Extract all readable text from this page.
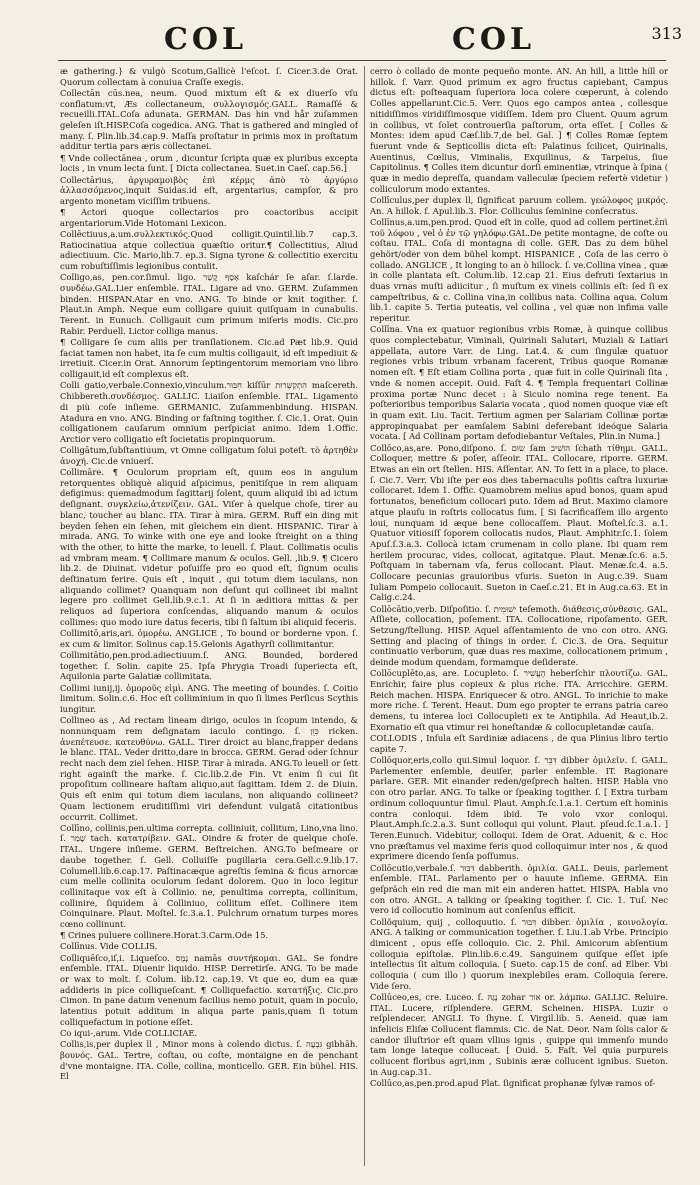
COL	COL	313

æ gathering.} & vulgò Scotum,Gallicè l'eſcot. ſ. Cicer.3.de Orat. Quorum collectam à conuiua Craſſe exegis.

Collectān cūs.nea, neum. Quod mixtum eſt & ex diuerſo vſu conflatum:vt, Æs collectaneum, συλλογισμός.GALL. Ramaſſé & recueilli.ITAL.Coſa adunata. GERMAN. Das hin vnd hår zuſammen geleſen iſt.HISP.Coſa cogedica. ANG. That is gathered and mingled of many. ſ. Plin.lib.34.cap.9. Maſſa proſtatur in primis mox in proſtatum additur tertia pars æris collectanei.

¶ Vnde collectānea , orum , dicuntur ſcripta quæ ex pluribus excepta locis , in vnum lecta ſunt. [ Dicta collectanea. Suet.in Caeſ. cap.56.]

Collectārius, ἀργυραμοιβὸς ἐπὶ κέρμς ἀπὸ τὸ ἀργύριο ἀλλασσόμενος,inquit Suidas.id eſt, argentarius, campſor, & pro argento monetam viciſſim tribuens.

¶ Actori quoque collectarios pro coactoribus accipit argentariorum.Vide Hotomani Lexicon.

Collēctiuus,a.um.συλλεκτικός.Quod colligit.Quintil.lib.7 cap.3. Ratiocinatiua atque collectiua quæſtio oritur.¶ Collectitius, Aliud adiectiuum. Cic. Mario,lib.7. ep.3. Signa tyrone & collectitio exercitu cum robuſtiſſimis legionibus contulit.

Colligo,as, pen.cor.ſimul. ligo. אָסַף קָשַׁר kaſchár ſe aſar. ſ.larde. συνδέω.GAL.Lier enſemble. ITAL. Ligare ad vno. GERM. Zuſammen binden. HISPAN.Atar en vno. ANG. To binde or knit togither. ſ. Plaut.in Amph. Neque eum colligare quiuit quiſquam in cunabulis. Terent. in Eunuch. Colligauit cum primum miſeris modis. Cic.pro Rabir. Perduell. Lictor colliga manus.

¶ Colligare ſe cum aliis per tranſlationem. Cic.ad Pæt lib.9. Quid faciat tamen non habet, ita ſe cum multis colligauit, id eſt impediuit & irretiuit. Cicer.in Orat. Annorum ſeptingentorum memoriam vno libro colligauit,id eſt complexus eſt.

Colli gatio,verbale.Connexio,vinculum.חִבּוּר kiſſūr הִתְקַשְּׁרוּת maſcereth. Chibbereth.συνδέσμος. GALLIC. Liaiſon enſemble. ITAL. Ligamento di più coſe inſieme. GERMANIC. Zuſammenbindung. HISPAN. Atadura en vno. ANG. Binding or faſtning togither. ſ. Cic.1. Orat. Quin colligationem cauſarum omnium perſpiciat animo. Idem 1.Offic. Arctior vero colligatio eſt ſocietatis propinquorum.

Colligātum,ſubſtantiuum, vt Omne colligatum ſolui poteſt. τὸ ἀρτηθὲν ἀνοχή. Cic.de vniuerſ.

Collimāre. ¶ Oculorum propriam eſt, quum eos in angulum retorquentes obliquè aliquid aſpicimus, penitiſque in rem aliquam defigimus: quemadmodum ſagittarij ſolent, quum aliquid ibi ad ictum deſignant. συγκλείω,ἀτενίζειν. GAL. Viſer à quelque choſe, tirer au blanc, toucher au blanc. ITA. Tirar à mira. GERM. Ruff ein ding mit beyden ſehen ein ſehen, mit gleichem ein dient. HISPANIC. Tirar à mirada. ANG. To winke with one eye and looke ſtreight on a thing with the other, to hitte the marke, to leuell. ſ. Plaut. Collimatis oculis ad vmbram meam. ¶ Collimare manum & oculos. Gell. ,lib.9. ¶ Cicero lib.2. de Diuinat. videtur poſuiſſe pro eo quod eſt, ſignum oculis deſtinatum ferire. Quis eſt , inquit , qui totum diem iaculans, non aliquando collimet? Quanquam non deſunt qui collineet ibi malint legere pro collimet Gell.lib.9.c.1. At ſi in æditiora mittas & per reliquos ad ſuperiora conſcendas, aliquando manum & oculos collimes: quo modo iure datus feceris, tibi ſi ſaltum ibi aliquid feceris.

Collimitō,aris,ari. ὁμορέω. ANGLICE , To bound or borderne vpon. ſ. ex cum & limitor. Solinus cap.15.Gelonis Agathyrſi collimitantur.

Collimitātio,pen.prod.adiectiuum.ſ. ANG. Bounded, bordered together. ſ. Solin. capite 25. Ipſa Phrygia Troadi ſuperiecta eſt, Aquilonia parte Galatiæ collimitata.

Collimi iunij,ij. ὁμοροῦς εἰμὶ. ANG. The meeting of boundes. ſ. Coitio limitum. Solin.c.6. Hoc eſt colliminium in quo ſi limes Perſicus Scythis iungitur.

Collineo as , Ad rectam lineam dirigo, oculos in ſcopum intendo, & nonnunquam rem deſignatam iaculo contingo. ſ. כִּוֵּן ricken. ἀνεπέτευσε. κατευθύνω. GALL. Tirer droict au blanc,frapper dedans le blanc. ITAL. Veder dritto,dare in brocca. GERM. Gerad oder ſchnur recht nach dem ziel ſehen. HISP. Tirar à mirada. ANG.To leuell or ſett right againſt the marke. ſ. Cic.lib.2.de Fin. Vt enim ſi cui ſit propoſitum collineare haſtam aliquo,aut ſagittam. Idem 2. de Diuin. Quis eſt enim qui totum diem iaculans, non aliquando collineet? Quam lectionem eruditiſſimi viri defendunt vulgatâ citationibus occurrit. Collimet.

Collīno, collinis,pen.ultima correpta. colliniuit, collitum, Lino,vna lino. ſ. שָׁמַר tach. κατατρίβειν. GAL. Oindre & froter de quelque choſe. ITAL. Ungere inſieme. GERM. Beſtreichen. ANG.To beſmeare or daube together. ſ. Gell. Colluiſſe pugillaria cera.Gell.c.9.lib.17. Columell.lib.6.cap.17. Paſtinacæque agreſtis ſemina & ficus arnorcæ cum melle collinita oculorum ſedant dolorem. Quo in loco legitur collinitaque vox eſt à Collinio. ne, penultima correpta, collinitum, collinire, ſiquidem à Colliniuo, collitum eſſet. Collinere item Coinquinare. Plaut. Moſtel. ſc.3.a.1. Pulchrum ornatum turpes mores cœno collinunt.

¶ Crines puluere collinere.Horat.3.Carm.Ode 15.

Collīnus. Vide COLLIS.

Colliquēſco,iſ,i. Liqueſco. נָמַס namās συντήκομαι. GAL. Se fondre enſemble. ITAL. Diuenir liquido. HISP. Derretirſe. ANG. To be made or wax to molt. ſ. Colum. lib.12. cap.19. Vt que eo, dum ea quæ addideris in pice colliqueſcant. ¶ Colliquefactio. κατατήξις. Cic.pro Cimon. In pane datum venenum facilius nemo potuit, quam in poculo, latentius potuit additum in aliqua parte panis,quam ſi totum colliquefactum in potione eſſet.

Co iqui-,arum. Vide COLLICIAE.

Collis,is,per duplex ll , Minor mons à colendo dictus. ſ. גִּבְעָה gibhāh. βουνός. GAL. Tertre, coſtau, ou coſte, montaigne en de penchant d'vne montaigne. ITA. Colle, collina, monticello. GER. Ein bühel. HIS. El

cerro ò collado de monte pequeño monte. AN. An hill, a little hill or hillok. ſ. Varr. Quod primum ex agro fructus capiebant, Campus dictus eſt: poſteaquam ſuperiora loca colere cœperunt, à colendo Colles appellarunt.Cic.5. Verr. Quos ego campos antea , collesque nitidiſſimos viridiſſimosque vidiſſem. Idem pro Cluent. Quum agrum in collibus, vt ſolet controuerſia paſtorum, orta eſſet. [ Colles & Montes: idem apud Cæſ.lib.7,de bel. Gal. ] ¶ Colles Romæ ſeptem fuerunt vnde & Septicollis dicta eſt: Palatinus ſcilicet, Quirinalis, Auentinus, Cœlius, Viminalis, Exquilinus, & Tarpeius, ſiue Capitolinus. ¶ Colles item dicuntur dorſi eminentiæ, vtrinque à ſpina ( quæ in medio depreſſa, quandam valleculæ ſpeciem refertè videtur ) colliculorum modo extantes.

Collīculus,per duplex ll, ſignificat paruum collem. γεώλοφος μικρός. An. A hillok. ſ. Apul.lib.3. Flor. Colliculus ſeminine conſecratus.

Collīnus,a.um,pen.prod. Quod eſt in colle, quod ad collem pertinet.ἐπὶ τοῦ λόφου , vel ὁ ἐν τῷ γηλόφῳ.GAL.De petite montagne, de coſte ou coſtau. ITAL. Coſa di montagna di colle. GER. Das zu dem bühel gehört/oder von dem bühel kompt. HISPANICE , Coſa de las cerro ò collado. ANGLICE , It longing to an ò hillock. ſ. ve.Collina vinea , quæ in colle plantata eſt. Colum.lib. 12.cap 21. Eius defruti ſextarius in duas vrnas muſti adiicitur , ſi muſtum ex vineis collinis eſt: ſed ſi ex campeſtribus, & c. Collina vina,in collibus nata. Collina aqua. Colum lib.1. capite 5. Tertia puteatis, vel collina , vel quæ non infima valle reperitur.

Collīna. Vna ex quatuor regionibus vrbis Romæ, à quinque collibus quos complectebatur, Viminali, Quirinali Salutari, Muziali & Latiari appellata, autore Varr. de Ling. Lat.4. & cum ſingulæ quatuor regiones vrbis tribum vrbanam facerent, Tribus quoque Romanæ nomen eſt. ¶ Eſt etiam Collina porta , quæ fuit in colle Quirinali ſita , vnde & nomen accepit. Ouid. Faſt 4. ¶ Templa frequentari Collinæ proxima portæ Nunc decet : à Siculo nomina rege tenent. Ea poſterioribus temporibus Salaria vocata , quod nomen quoque viæ eſt in quam exit. Liu. Tacit. Tertium agmen per Salariam Collinæ portæ appropinquabat per eamſalem Sabini deferebant ideóque Salaria vocata. [ Ad Collinam portam defodiebantur Veſtales, Plin.in Numa.]

Collōco,as,are. Pono,diſpono. ſ. שׂוּם ſam הוֹשִׁיב ſchath τίθημι. GALL. Colloquer, mettre & poſer, aſſeoir. ITAL. Collocare, riporre. GERM. Etwas an ein ort ſtellen. HIS. Aſſentar. AN. To ſett in a place, to place. ſ. Cic.7. Verr. Vbi iſte per eos dies tabernaculis poſitis caſtra luxuriæ collocaret. Idem 1. Offic. Quamobrem melius apud bonos, quam apud fortunatos, beneficium collocari puto. Idem ad Brut. Maximo clamore atque plauſu in roſtris collocatus ſum. [ Si ſacrificaſſem illo argento loui, nunquam id æque bene collocaſſem. Plaut. Moſtel.ſc.3. a.1. Quatuor vitiosiſſ ſoporem collocatis nudos, Plaut. Amphitr.ſc.1. ſolem Apuſ.ſ.3.a.3. Collocà ictam crumenam in collo plane. Ibi quam rem herilem procurac, vides, collocat, agitatque. Plaut. Menæ.ſc.6. a.5. Poſtquam in tabernam vſa, ferus collocant. Plaut. Menæ.ſc.4. a.5. Collocare pecunias grauioribus vſuris. Sueton in Aug.c.39. Suam Iuliam Pompeio collocauit. Sueton in Caeſ.c.21. Et in Aug.ca.63. Et in Calig.c.24.

Collōcātio,verb. Diſpoſitio. ſ. ישׁוּמִית teſemoth. διάθεσις,σύνθεσις. GAL. Aſſiete, collocation, poſement. ITA. Collocatione, ripoſamento. GER. Setzung/ſtellung. HISP. Aquel aſſentamiento de vno con otro. ANG. Setting and placing of things in order. ſ. Cic.3. de Ora. Sequitur continuatio verborum, quæ duas res maxime, collocationem primum , deinde modum quendam, formamque deſiderate.

Collōcuplēto,as, are. Locupleto. ſ. הֶעֱשִׁיר heberſchir πλουτίζω. GAL. Enrichir, faire plus copieux & plus riche. ITA. Arricchire. GERM. Reich machen. HISPA. Enriquecer & otro. ANGL. To inrichie to make more riche. ſ. Terent. Heaut. Dum ego propter te errans patria careo demens, tu interea loci Collocupleti ex te Antiphila. Ad Heaut,ib.2. Exornatio eſt qua vtimur rei honeſtandæ & collocupletandæ cauſa.

COLLODIS , Inſula eſt Sardiniæ adiacens , de qua Plinius libro tertio capite 7.

Collōquor,eris,collo qui.Simul loquor. ſ. דִּבֵּר dibber ὁμιλεῖν. ſ. GALL. Parlementer enſemble, deuiſer, parler enſemble. IT. Ragionare parlare. GER. Mit einander reden/geſprech halten. HISP. Habla vno con otro parlar. ANG. To talke or ſpeaking togither. ſ. [ Extra turbam ordinum colloquuntur ſimul. Plaut. Amph.ſc.1.a.1. Certum eſt hominis contra conloqui. Idem ibid. Te volo vxor conloqui. Plaut.Amph.ſc.2.a.3. Sunt colloqui qui volunt. Plaut. pſeud.ſc.1.a.1. ] Teren.Eunuch. Videbitur, colloqui. Idem de Orat. Aduenit, & c. Hoc vno præſtamus vel maxime feris quod colloquimur inter nos , & quod exprimere dicendo ſenſa poſſumus.

Collōcutio,verbale.ſ. דִּבּוּר dabberith. ὁμιλία. GALL. Deuis, parlement enſemble. ITAL. Parlamento per o hauute inſieme. GERMA. Ein geſpräch ein red die man mit ein anderen hattet. HISPA. Habla vno con otro. ANGL. A talking or ſpeaking togither. ſ. Cic. 1. Tuſ. Nec vero id collocutio hominum aut conſenſus efficit.

Collŏquium, quij , colloquutio. ſ. דִּבּוּר dibber. ὁμιλία , κοινολογία. ANG. A talking or communication together. ſ. Liu.1.ab Vrbe. Principio dimicent , opus eſſe colloquio. Cic. 2. Phil. Amicorum abſentium colloquia epiſtolæ. Plin.lib.6.c.49. Sanguinem quiſque eſſet ipſe intellectus ſit altum colloquia. [ Sueto. cap.15 de conſ. ad Elber. Vbi colloquia ( cum illo ) quorum inexplebiles eram. Colloquia ſerere. Vide ſero.

Collūceo,es, cre. Luceo. ſ. נָגַהּ zohar אוֹר or. λάμπω. GALLIC. Reluire. ITAL. Lucere, riſplendere. GERM. Scheinen. HISPA. Luzir o reſplendecer. ANGLI. To ſhyne. ſ. Virgil.lib. 5. Aeneid. quæ iam infelicis Eliſæ Collucent flammis. Cic. de Nat. Deor. Nam ſolis calor & candor illuſtrior eſt quam vllius ignis , quippe qui immenſo mundo tam longe lateque colluceat. [ Ouid. 5. Faſt. Vel quia purpureis collucent floribus agri,inm , Subinis æræ collucent ignibus. Sueton. in Aug.cap.31.

Collūco,as,pen.prod.apud Plat. ſignificat prophanæ ſylvæ ramos of-
